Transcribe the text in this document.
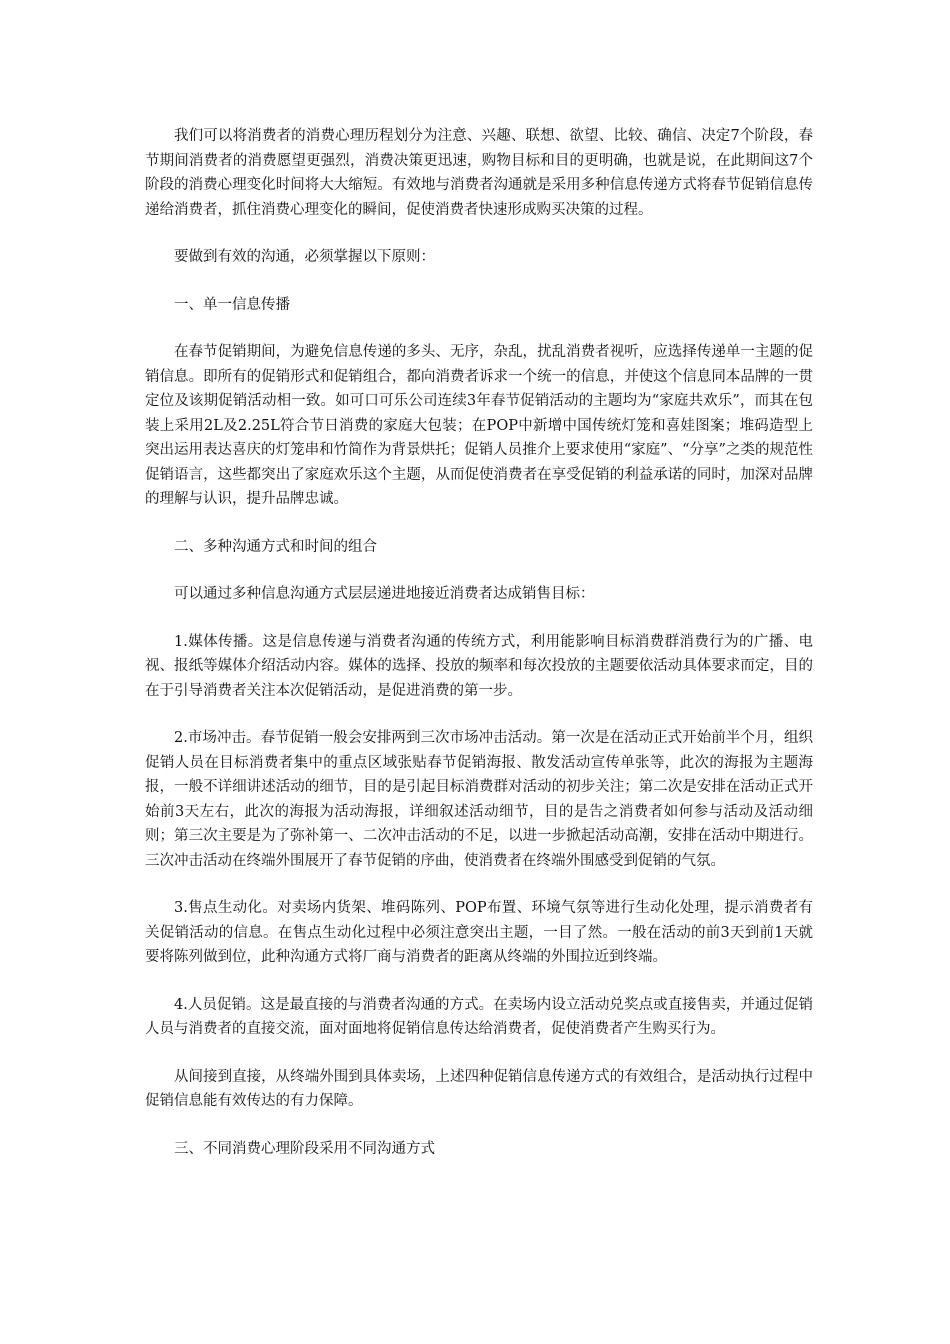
我们可以将消费者的消费心理历程划分为注意、兴趣、联想、欲望、比较、确信、决定7个阶段，春节期间消费者的消费愿望更强烈，消费决策更迅速，购物目标和目的更明确，也就是说，在此期间这7个阶段的消费心理变化时间将大大缩短。有效地与消费者沟通就是采用多种信息传递方式将春节促销信息传递给消费者，抓住消费心理变化的瞬间，促使消费者快速形成购买决策的过程。

要做到有效的沟通，必须掌握以下原则：

一、单一信息传播

在春节促销期间，为避免信息传递的多头、无序，杂乱，扰乱消费者视听，应选择传递单一主题的促销信息。即所有的促销形式和促销组合，都向消费者诉求一个统一的信息，并使这个信息同本品牌的一贯定位及该期促销活动相一致。如可口可乐公司连续3年春节促销活动的主题均为“家庭共欢乐”，而其在包装上采用2L及2.25L符合节日消费的家庭大包装；在POP中新增中国传统灯笼和喜娃图案；堆码造型上突出运用表达喜庆的灯笼串和竹简作为背景烘托；促销人员推介上要求使用“家庭”、“分享”之类的规范性促销语言，这些都突出了家庭欢乐这个主题，从而促使消费者在享受促销的利益承诺的同时，加深对品牌的理解与认识，提升品牌忠诚。

二、多种沟通方式和时间的组合

可以通过多种信息沟通方式层层递进地接近消费者达成销售目标：

1.媒体传播。这是信息传递与消费者沟通的传统方式，利用能影响目标消费群消费行为的广播、电视、报纸等媒体介绍活动内容。媒体的选择、投放的频率和每次投放的主题要依活动具体要求而定，目的在于引导消费者关注本次促销活动，是促进消费的第一步。

2.市场冲击。春节促销一般会安排两到三次市场冲击活动。第一次是在活动正式开始前半个月，组织促销人员在目标消费者集中的重点区域张贴春节促销海报、散发活动宣传单张等，此次的海报为主题海报，一般不详细讲述活动的细节，目的是引起目标消费群对活动的初步关注；第二次是安排在活动正式开始前3天左右，此次的海报为活动海报，详细叙述活动细节，目的是告之消费者如何参与活动及活动细则；第三次主要是为了弥补第一、二次冲击活动的不足，以进一步掀起活动高潮，安排在活动中期进行。三次冲击活动在终端外围展开了春节促销的序曲，使消费者在终端外围感受到促销的气氛。

3.售点生动化。对卖场内货架、堆码陈列、POP布置、环境气氛等进行生动化处理，提示消费者有关促销活动的信息。在售点生动化过程中必须注意突出主题，一目了然。一般在活动的前3天到前1天就要将陈列做到位，此种沟通方式将厂商与消费者的距离从终端的外围拉近到终端。

4.人员促销。这是最直接的与消费者沟通的方式。在卖场内设立活动兑奖点或直接售卖，并通过促销人员与消费者的直接交流，面对面地将促销信息传达给消费者，促使消费者产生购买行为。

从间接到直接，从终端外围到具体卖场，上述四种促销信息传递方式的有效组合，是活动执行过程中促销信息能有效传达的有力保障。

三、不同消费心理阶段采用不同沟通方式
